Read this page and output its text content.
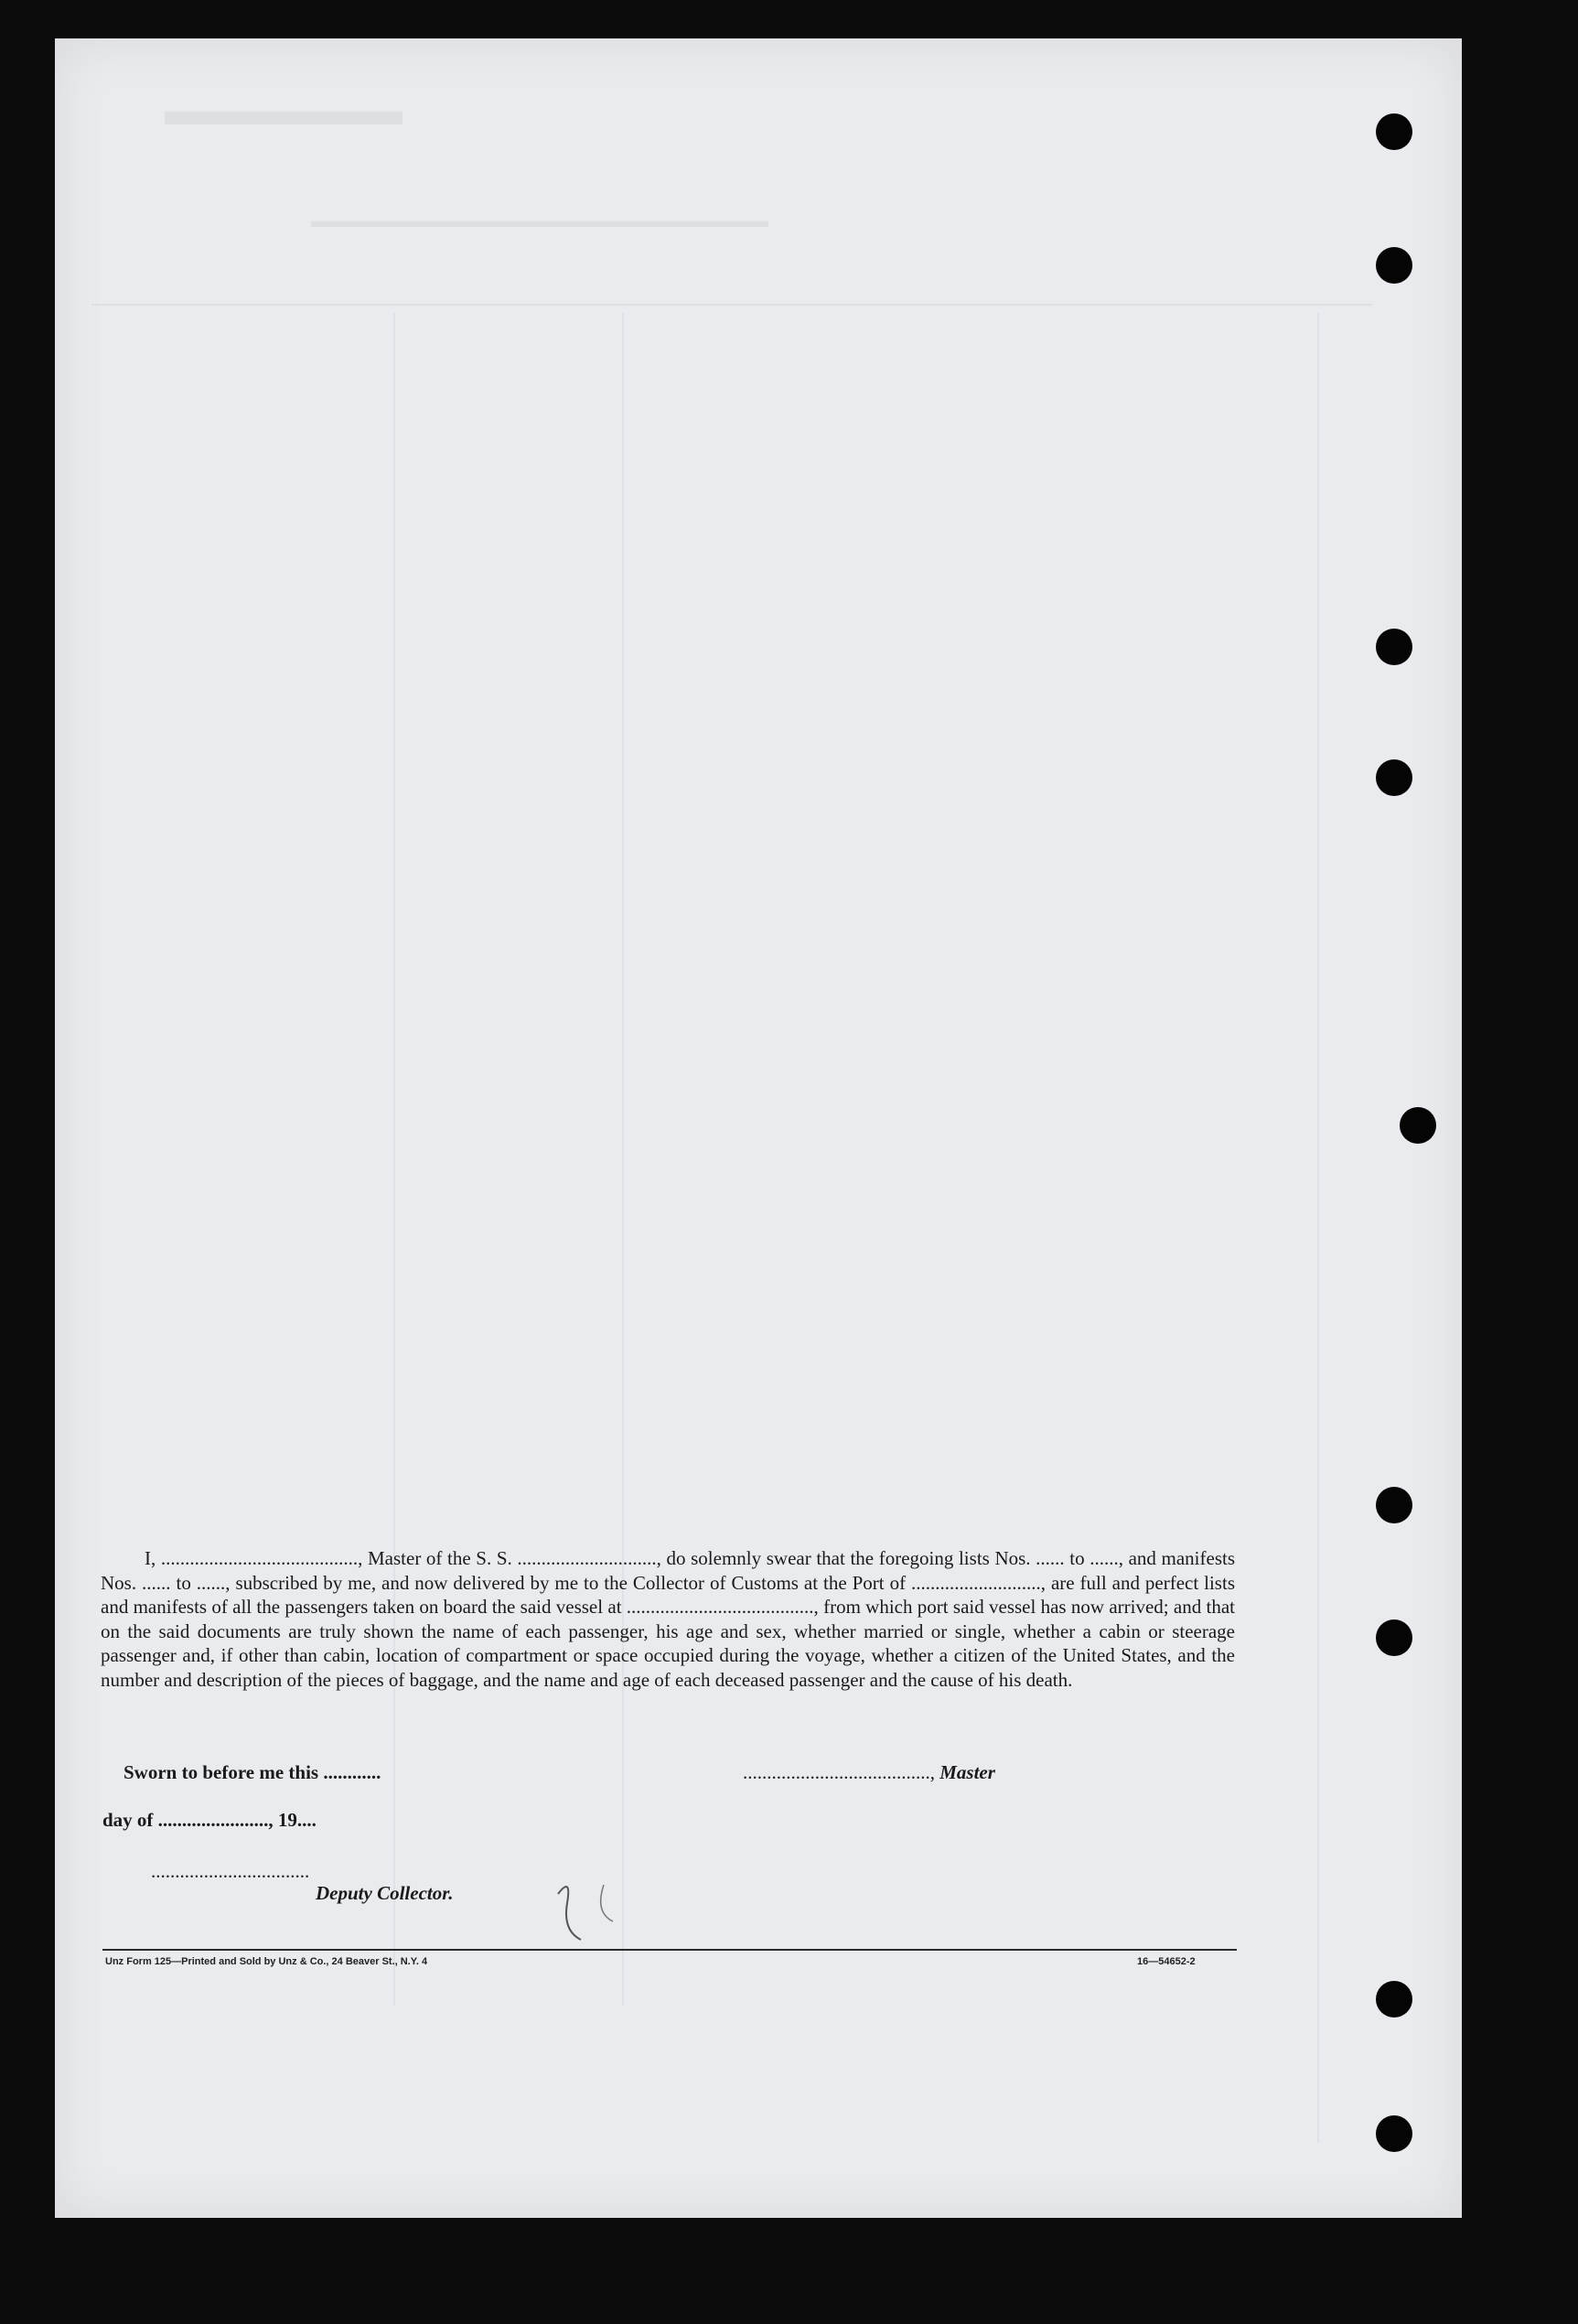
I, ........................................., Master of the S. S. ............................., do solemnly swear that the foregoing lists Nos. ...... to ......, and manifests Nos. ...... to ......, subscribed by me, and now delivered by me to the Collector of Customs at the Port of ..........................., are full and perfect lists and manifests of all the passengers taken on board the said vessel at ......................................., from which port said vessel has now arrived; and that on the said documents are truly shown the name of each passenger, his age and sex, whether married or single, whether a cabin or steerage passenger and, if other than cabin, location of compartment or space occupied during the voyage, whether a citizen of the United States, and the number and description of the pieces of baggage, and the name and age of each deceased passenger and the cause of his death.

Sworn to before me this ............	......................................., Master
day of ......................., 19....
.................................
Deputy Collector.
Unz Form 125—Printed and Sold by Unz & Co., 24 Beaver St., N.Y. 4	16—54652-2
